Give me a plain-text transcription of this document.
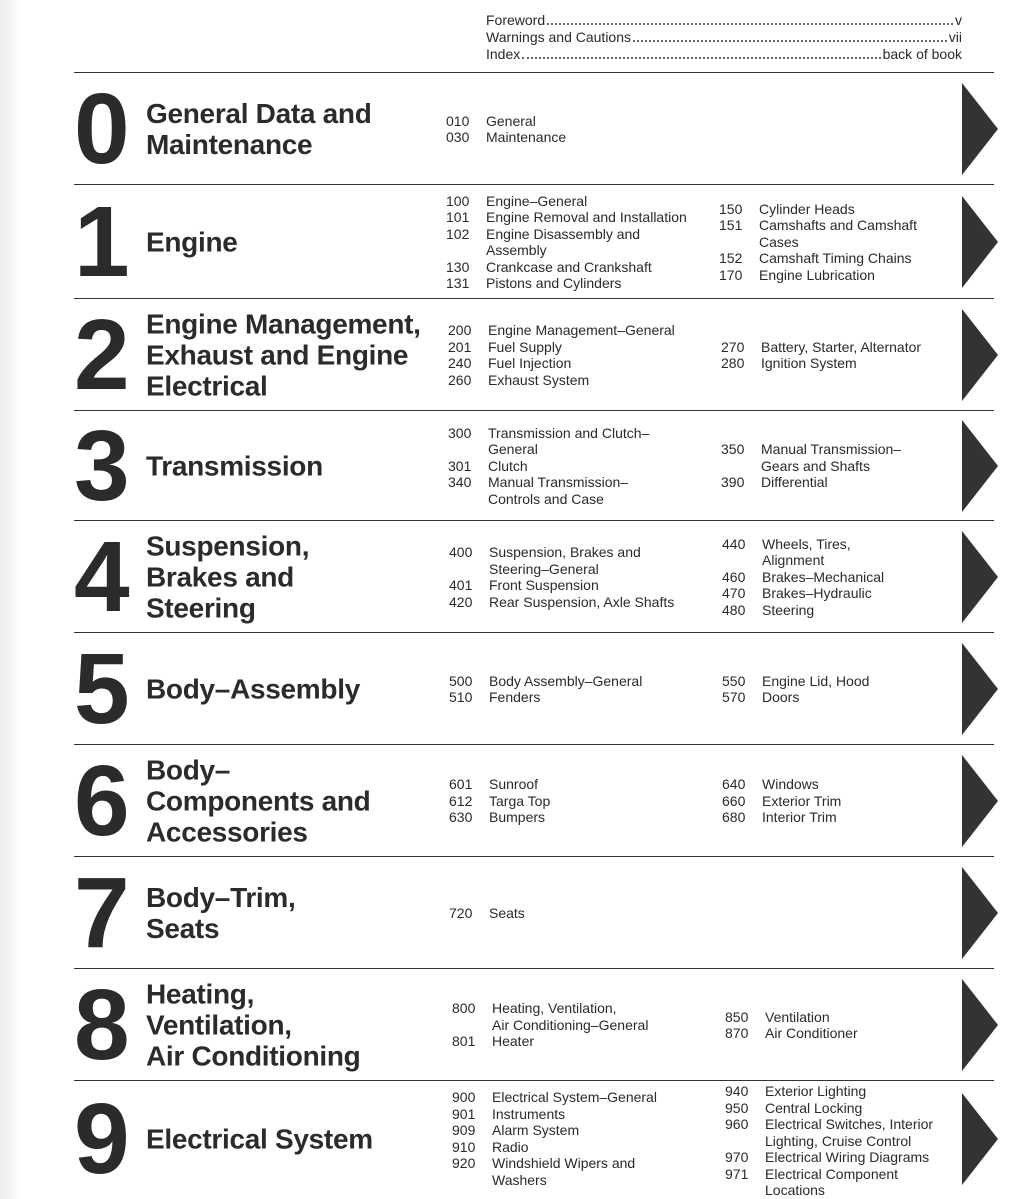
Foreword	v
Warnings and Cautions	vii
Index	back of book
0 General Data and
Maintenance
010	General
030	Maintenance
1 Engine
100	Engine–General
101	Engine Removal and Installation
102	Engine Disassembly and
Assembly
130	Crankcase and Crankshaft
131	Pistons and Cylinders
150	Cylinder Heads
151	Camshafts and Camshaft
Cases
152	Camshaft Timing Chains
170	Engine Lubrication
2 Engine Management,
Exhaust and Engine
Electrical
200	Engine Management–General
201	Fuel Supply
240	Fuel Injection
260	Exhaust System
270	Battery, Starter, Alternator
280	Ignition System
3 Transmission
300	Transmission and Clutch–
General
301	Clutch
340	Manual Transmission–
Controls and Case
350	Manual Transmission–
Gears and Shafts
390	Differential
4 Suspension,
Brakes and
Steering
400	Suspension, Brakes and
Steering–General
401	Front Suspension
420	Rear Suspension, Axle Shafts
440	Wheels, Tires,
Alignment
460	Brakes–Mechanical
470	Brakes–Hydraulic
480	Steering
5 Body–Assembly	500	Body Assembly–General
510	Fenders
550	Engine Lid, Hood
570	Doors
6 Body–
Components and
Accessories
601	Sunroof
612	Targa Top
630	Bumpers
640	Windows
660	Exterior Trim
680	Interior Trim
7 Body–Trim,
Seats
720	Seats
8 Heating,
Ventilation,
Air Conditioning
800	Heating, Ventilation,
Air Conditioning–General
801	Heater
850	Ventilation
870	Air Conditioner
9 Electrical System
900	Electrical System–General
901	Instruments
909	Alarm System
910	Radio
920	Windshield Wipers and
Washers
940	Exterior Lighting
950	Central Locking
960	Electrical Switches, Interior
Lighting, Cruise Control
970	Electrical Wiring Diagrams
971	Electrical Component
Locations
